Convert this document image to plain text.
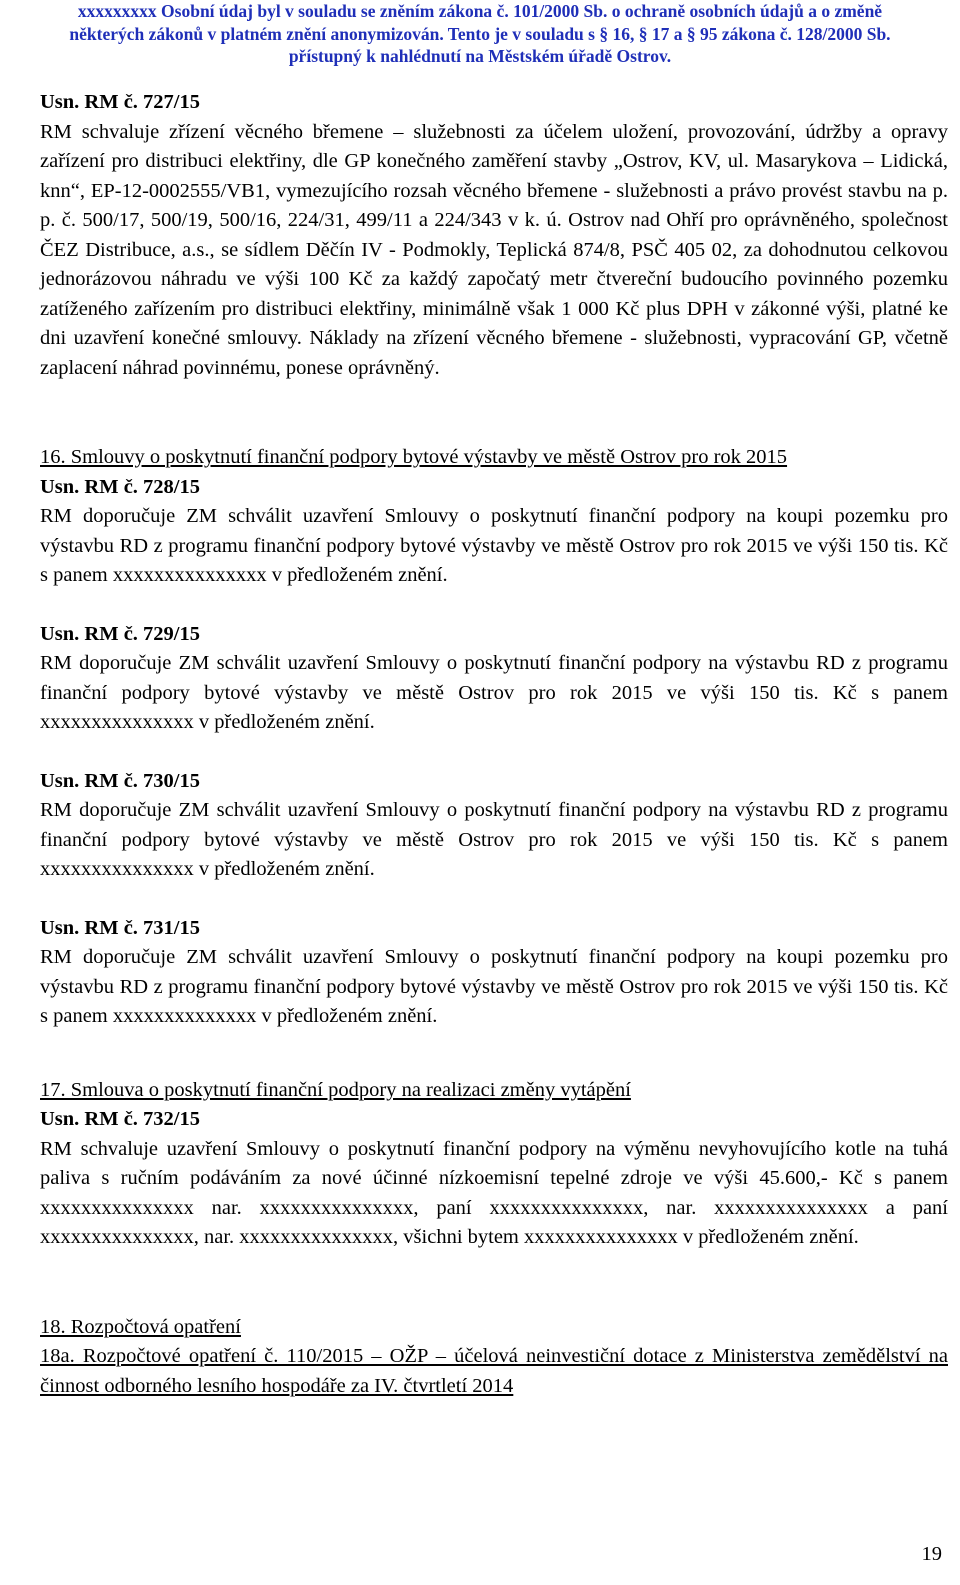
xxxxxxxxx Osobní údaj byl v souladu se zněním zákona č. 101/2000 Sb. o ochraně osobních údajů a o změně
některých zákonů v platném znění anonymizován. Tento je v souladu s § 16, § 17 a § 95 zákona č. 128/2000 Sb.
přístupný k nahlédnutí na Městském úřadě Ostrov.

Usn. RM č. 727/15

RM schvaluje zřízení věcného břemene – služebnosti za účelem uložení, provozování, údržby a opravy zařízení pro distribuci elektřiny, dle GP konečného zaměření stavby „Ostrov, KV, ul. Masarykova – Lidická, knn“, EP-12-0002555/VB1, vymezujícího rozsah věcného břemene - služebnosti a právo provést stavbu na p. p. č. 500/17, 500/19, 500/16, 224/31, 499/11 a 224/343 v k. ú. Ostrov nad Ohří pro oprávněného, společnost ČEZ Distribuce, a.s., se sídlem Děčín IV - Podmokly, Teplická 874/8, PSČ 405 02, za dohodnutou celkovou jednorázovou náhradu ve výši 100 Kč za každý započatý metr čtvereční budoucího povinného pozemku zatíženého zařízením pro distribuci elektřiny, minimálně však 1 000 Kč plus DPH v zákonné výši, platné ke dni uzavření konečné smlouvy. Náklady na zřízení věcného břemene - služebnosti, vypracování GP, včetně zaplacení náhrad povinnému, ponese oprávněný.

16. Smlouvy o poskytnutí finanční podpory bytové výstavby ve městě Ostrov pro rok 2015

Usn. RM č. 728/15

RM doporučuje ZM schválit uzavření Smlouvy o poskytnutí finanční podpory na koupi pozemku pro výstavbu RD z programu finanční podpory bytové výstavby ve městě Ostrov pro rok 2015 ve výši 150 tis. Kč s panem xxxxxxxxxxxxxxx v předloženém znění.

Usn. RM č. 729/15

RM doporučuje ZM schválit uzavření Smlouvy o poskytnutí finanční podpory na výstavbu RD z programu finanční podpory bytové výstavby ve městě Ostrov pro rok 2015 ve výši 150 tis. Kč s panem xxxxxxxxxxxxxxx v předloženém znění.

Usn. RM č. 730/15

RM doporučuje ZM schválit uzavření Smlouvy o poskytnutí finanční podpory na výstavbu RD z programu finanční podpory bytové výstavby ve městě Ostrov pro rok 2015 ve výši 150 tis. Kč s panem xxxxxxxxxxxxxxx v předloženém znění.

Usn. RM č. 731/15

RM doporučuje ZM schválit uzavření Smlouvy o poskytnutí finanční podpory na koupi pozemku pro výstavbu RD z programu finanční podpory bytové výstavby ve městě Ostrov pro rok 2015 ve výši 150 tis. Kč s panem xxxxxxxxxxxxxx v předloženém znění.

17. Smlouva o poskytnutí finanční podpory na realizaci změny vytápění

Usn. RM č. 732/15

RM schvaluje uzavření Smlouvy o poskytnutí finanční podpory na výměnu nevyhovujícího kotle na tuhá paliva s ručním podáváním za nové účinné nízkoemisní tepelné zdroje ve výši 45.600,- Kč s panem xxxxxxxxxxxxxxx nar. xxxxxxxxxxxxxxx, paní xxxxxxxxxxxxxxx, nar. xxxxxxxxxxxxxxx a paní xxxxxxxxxxxxxxx, nar. xxxxxxxxxxxxxxx, všichni bytem xxxxxxxxxxxxxxx v předloženém znění.

18. Rozpočtová opatření

18a. Rozpočtové opatření č. 110/2015 – OŽP – účelová neinvestiční dotace z Ministerstva zemědělství na činnost odborného lesního hospodáře za IV. čtvrtletí 2014

19
